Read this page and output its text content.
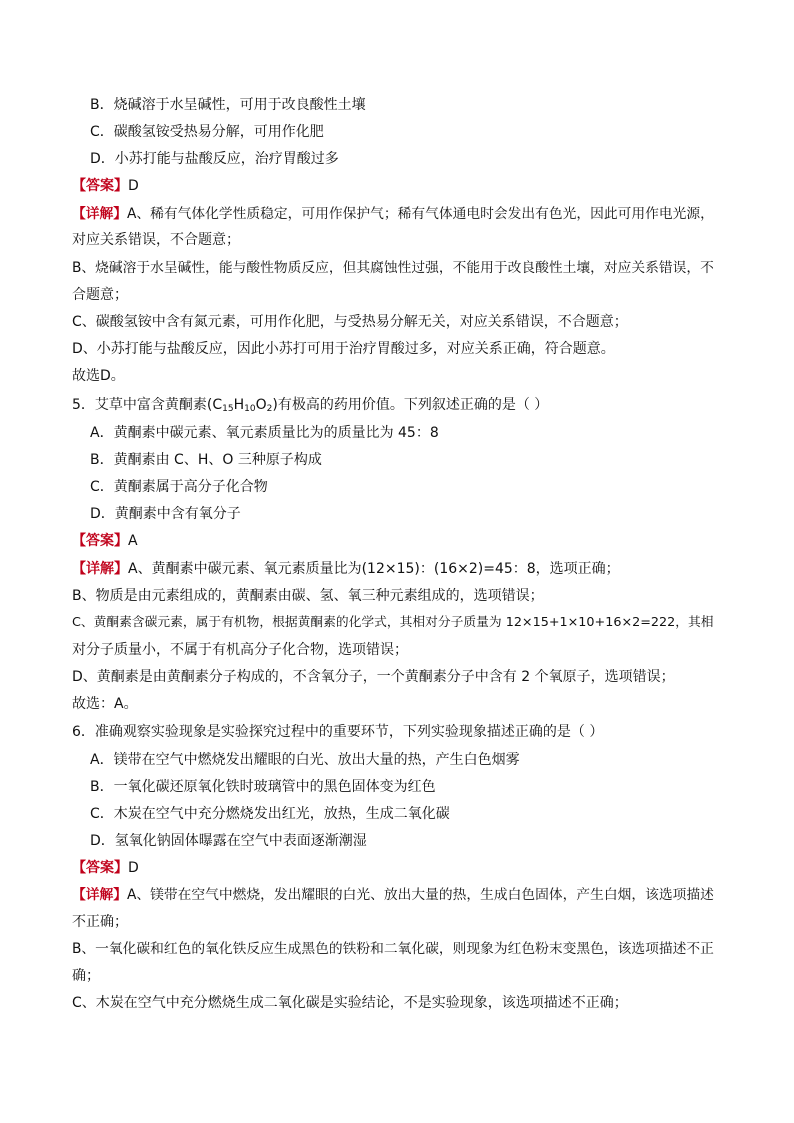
B．烧碱溶于水呈碱性，可用于改良酸性土壤
C．碳酸氢铵受热易分解，可用作化肥
D．小苏打能与盐酸反应，治疗胃酸过多
【答案】D
【详解】A、稀有气体化学性质稳定，可用作保护气；稀有气体通电时会发出有色光，因此可用作电光源，
对应关系错误，不合题意；
B、烧碱溶于水呈碱性，能与酸性物质反应，但其腐蚀性过强，不能用于改良酸性土壤，对应关系错误，不
合题意；
C、碳酸氢铵中含有氮元素，可用作化肥，与受热易分解无关，对应关系错误，不合题意；
D、小苏打能与盐酸反应，因此小苏打可用于治疗胃酸过多，对应关系正确，符合题意。
故选D。
5．艾草中富含黄酮素$(C_{15}H_{10}O_2)$有极高的药用价值。下列叙述正确的是（ ）
A．黄酮素中碳元素、氧元素质量比为的质量比为 45：8
B．黄酮素由 C、H、O 三种原子构成
C．黄酮素属于高分子化合物
D．黄酮素中含有氧分子
【答案】A
【详解】A、黄酮素中碳元素、氧元素质量比为(12×15)：(16×2)=45：8，选项正确；
B、物质是由元素组成的，黄酮素由碳、氢、氧三种元素组成的，选项错误；
C、黄酮素含碳元素，属于有机物，根据黄酮素的化学式，其相对分子质量为 12×15+1×10+16×2=222，其相
对分子质量小，不属于有机高分子化合物，选项错误；
D、黄酮素是由黄酮素分子构成的，不含氧分子，一个黄酮素分子中含有 2 个氧原子，选项错误；
故选：A。
6．准确观察实验现象是实验探究过程中的重要环节，下列实验现象描述正确的是（ ）
A．镁带在空气中燃烧发出耀眼的白光、放出大量的热，产生白色烟雾
B．一氧化碳还原氧化铁时玻璃管中的黑色固体变为红色
C．木炭在空气中充分燃烧发出红光，放热，生成二氧化碳
D．氢氧化钠固体曝露在空气中表面逐渐潮湿
【答案】D
【详解】A、镁带在空气中燃烧，发出耀眼的白光、放出大量的热，生成白色固体，产生白烟，该选项描述
不正确；
B、一氧化碳和红色的氧化铁反应生成黑色的铁粉和二氧化碳，则现象为红色粉末变黑色，该选项描述不正
确；
C、木炭在空气中充分燃烧生成二氧化碳是实验结论，不是实验现象，该选项描述不正确；
